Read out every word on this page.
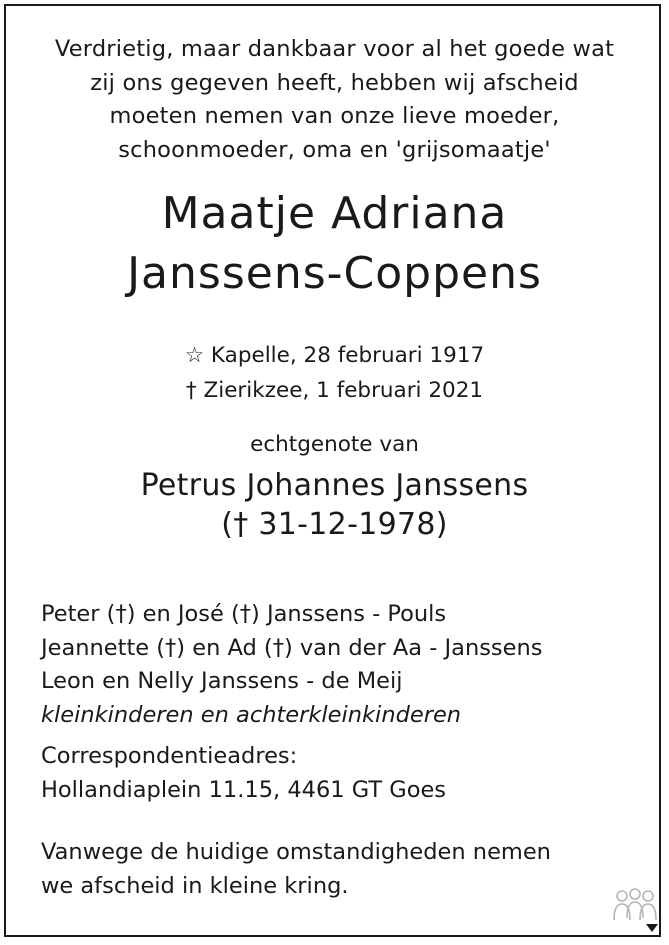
Verdrietig, maar dankbaar voor al het goede wat
zij ons gegeven heeft, hebben wij afscheid
moeten nemen van onze lieve moeder,
schoonmoeder, oma en 'grijsomaatje'
Maatje Adriana
Janssens-Coppens
☆ Kapelle, 28 februari 1917
† Zierikzee, 1 februari 2021
echtgenote van
Petrus Johannes Janssens
(† 31-12-1978)
Peter (†) en José (†) Janssens - Pouls
Jeannette (†) en Ad (†) van der Aa - Janssens
Leon en Nelly Janssens - de Meij
kleinkinderen en achterkleinkinderen
Correspondentieadres:
Hollandiaplein 11.15, 4461 GT Goes
Vanwege de huidige omstandigheden nemen
we afscheid in kleine kring.
